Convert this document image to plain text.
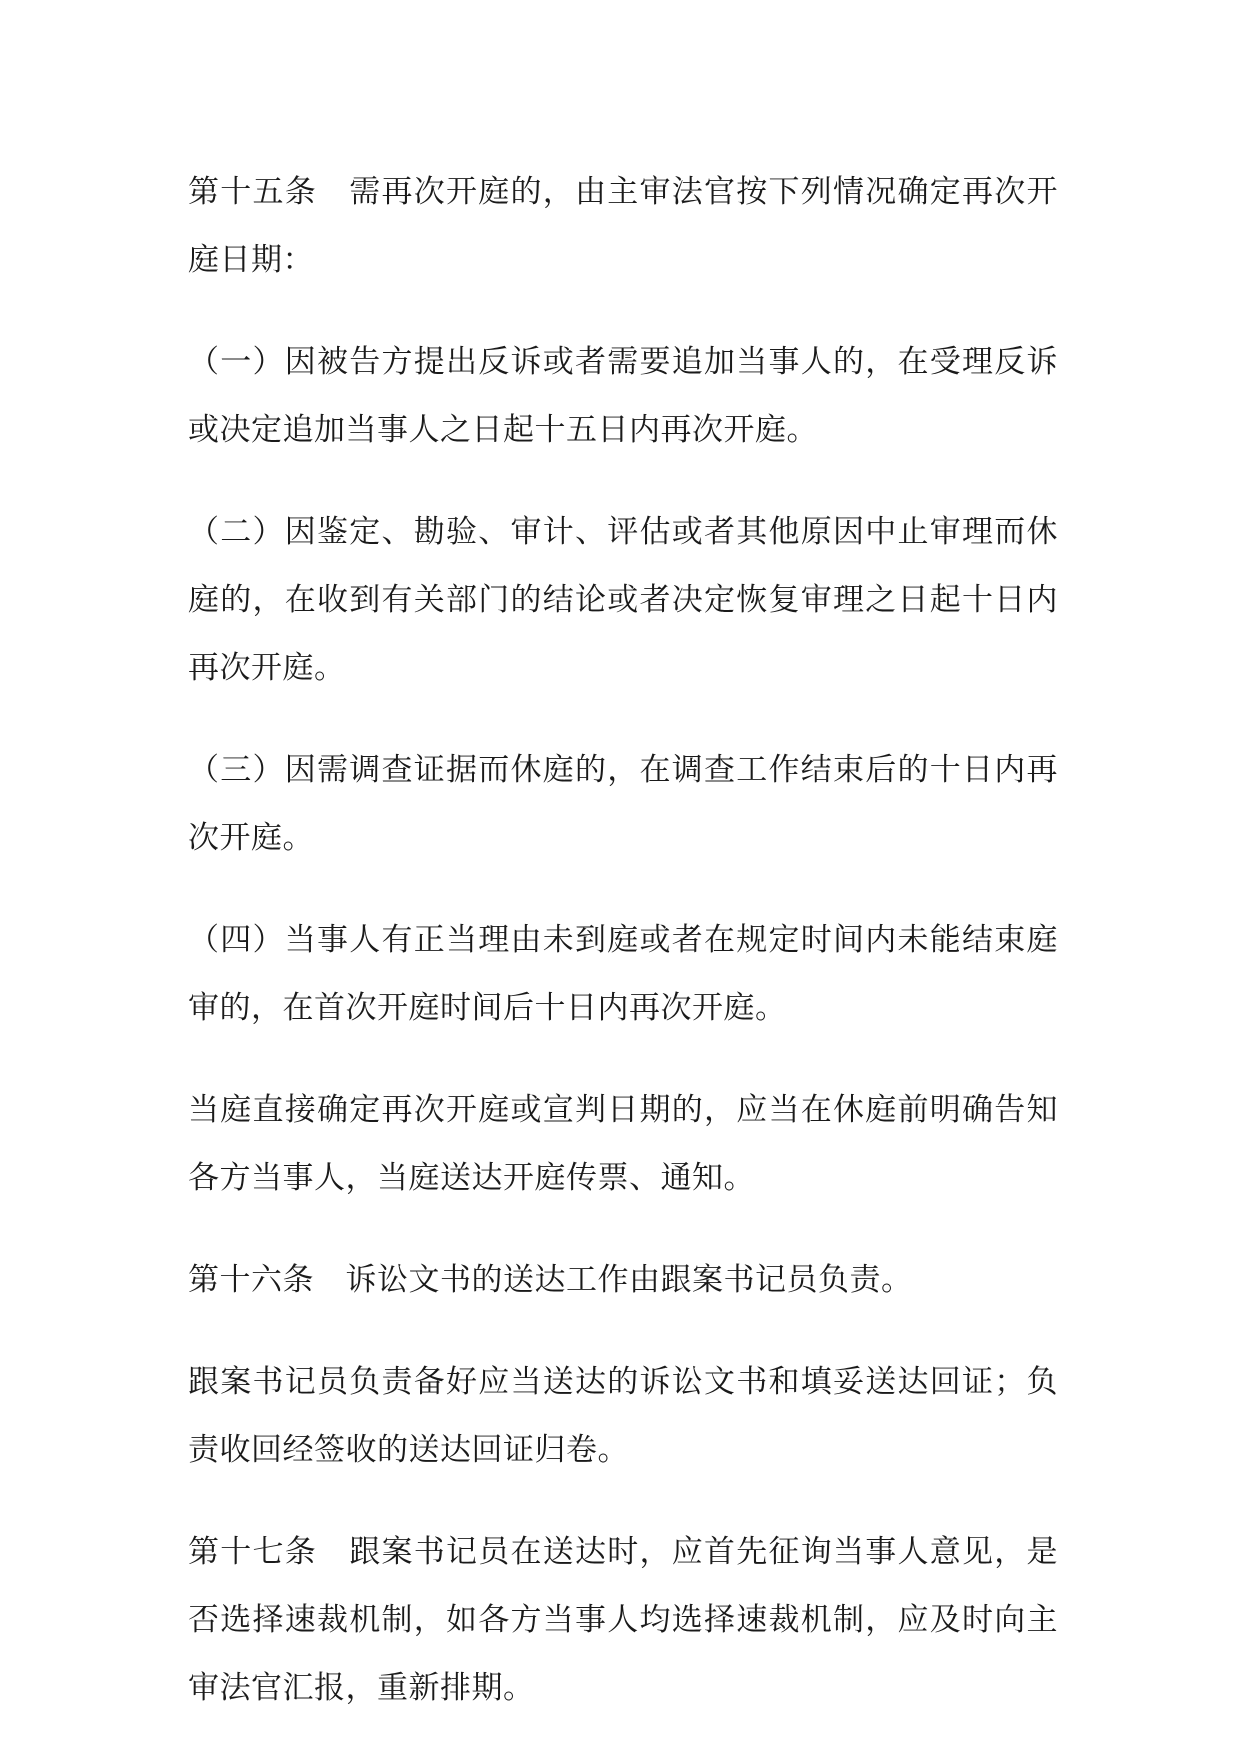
第十五条　需再次开庭的，由主审法官按下列情况确定再次开庭日期：

（一）因被告方提出反诉或者需要追加当事人的，在受理反诉或决定追加当事人之日起十五日内再次开庭。

（二）因鉴定、勘验、审计、评估或者其他原因中止审理而休庭的，在收到有关部门的结论或者决定恢复审理之日起十日内再次开庭。

（三）因需调查证据而休庭的，在调查工作结束后的十日内再次开庭。

（四）当事人有正当理由未到庭或者在规定时间内未能结束庭审的，在首次开庭时间后十日内再次开庭。

当庭直接确定再次开庭或宣判日期的，应当在休庭前明确告知各方当事人，当庭送达开庭传票、通知。

第十六条　诉讼文书的送达工作由跟案书记员负责。

跟案书记员负责备好应当送达的诉讼文书和填妥送达回证；负责收回经签收的送达回证归卷。

第十七条　跟案书记员在送达时，应首先征询当事人意见，是否选择速裁机制，如各方当事人均选择速裁机制，应及时向主审法官汇报，重新排期。
